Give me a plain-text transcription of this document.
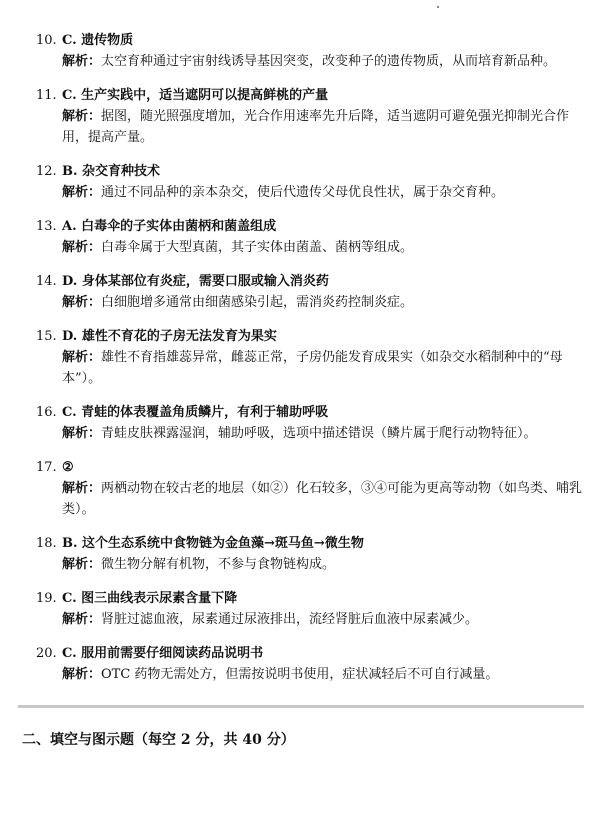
10. C. 遗传物质
解析：太空育种通过宇宙射线诱导基因突变，改变种子的遗传物质，从而培育新品种。
11. C. 生产实践中，适当遮阴可以提高鲜桃的产量
解析：据图，随光照强度增加，光合作用速率先升后降，适当遮阴可避免强光抑制光合作用，提高产量。
12. B. 杂交育种技术
解析：通过不同品种的亲本杂交，使后代遗传父母优良性状，属于杂交育种。
13. A. 白毒伞的子实体由菌柄和菌盖组成
解析：白毒伞属于大型真菌，其子实体由菌盖、菌柄等组成。
14. D. 身体某部位有炎症，需要口服或输入消炎药
解析：白细胞增多通常由细菌感染引起，需消炎药控制炎症。
15. D. 雄性不育花的子房无法发育为果实
解析：雄性不育指雄蕊异常，雌蕊正常，子房仍能发育成果实（如杂交水稻制种中的“母本”）。
16. C. 青蛙的体表覆盖角质鳞片，有利于辅助呼吸
解析：青蛙皮肤裸露湿润，辅助呼吸，选项中描述错误（鳞片属于爬行动物特征）。
17. ②
解析：两栖动物在较古老的地层（如②）化石较多，③④可能为更高等动物（如鸟类、哺乳类）。
18. B. 这个生态系统中食物链为金鱼藻→斑马鱼→微生物
解析：微生物分解有机物，不参与食物链构成。
19. C. 图三曲线表示尿素含量下降
解析：肾脏过滤血液，尿素通过尿液排出，流经肾脏后血液中尿素减少。
20. C. 服用前需要仔细阅读药品说明书
解析：OTC 药物无需处方，但需按说明书使用，症状减轻后不可自行减量。
二、填空与图示题（每空 2 分，共 40 分）
